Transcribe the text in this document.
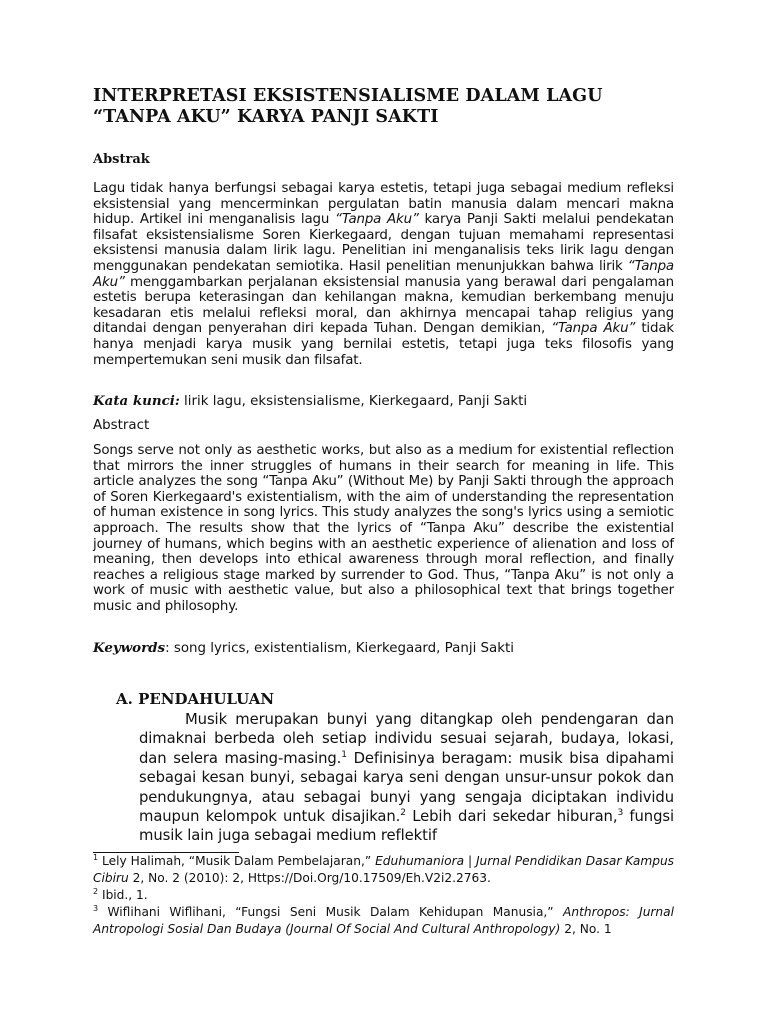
INTERPRETASI EKSISTENSIALISME DALAM LAGU
“TANPA AKU” KARYA PANJI SAKTI

Abstrak

Lagu tidak hanya berfungsi sebagai karya estetis, tetapi juga sebagai medium refleksi eksistensial yang mencerminkan pergulatan batin manusia dalam mencari makna hidup. Artikel ini menganalisis lagu “Tanpa Aku” karya Panji Sakti melalui pendekatan filsafat eksistensialisme Soren Kierkegaard, dengan tujuan memahami representasi eksistensi manusia dalam lirik lagu. Penelitian ini menganalisis teks lirik lagu dengan menggunakan pendekatan semiotika. Hasil penelitian menunjukkan bahwa lirik “Tanpa Aku” menggambarkan perjalanan eksistensial manusia yang berawal dari pengalaman estetis berupa keterasingan dan kehilangan makna, kemudian berkembang menuju kesadaran etis melalui refleksi moral, dan akhirnya mencapai tahap religius yang ditandai dengan penyerahan diri kepada Tuhan. Dengan demikian, “Tanpa Aku” tidak hanya menjadi karya musik yang bernilai estetis, tetapi juga teks filosofis yang mempertemukan seni musik dan filsafat.

Kata kunci: lirik lagu, eksistensialisme, Kierkegaard, Panji Sakti

Abstract

Songs serve not only as aesthetic works, but also as a medium for existential reflection that mirrors the inner struggles of humans in their search for meaning in life. This article analyzes the song “Tanpa Aku” (Without Me) by Panji Sakti through the approach of Soren Kierkegaard's existentialism, with the aim of understanding the representation of human existence in song lyrics. This study analyzes the song's lyrics using a semiotic approach. The results show that the lyrics of “Tanpa Aku” describe the existential journey of humans, which begins with an aesthetic experience of alienation and loss of meaning, then develops into ethical awareness through moral reflection, and finally reaches a religious stage marked by surrender to God. Thus, “Tanpa Aku” is not only a work of music with aesthetic value, but also a philosophical text that brings together music and philosophy.

Keywords: song lyrics, existentialism, Kierkegaard, Panji Sakti

A. PENDAHULUAN

Musik merupakan bunyi yang ditangkap oleh pendengaran dan dimaknai berbeda oleh setiap individu sesuai sejarah, budaya, lokasi, dan selera masing-masing.$^1$ Definisinya beragam: musik bisa dipahami sebagai kesan bunyi, sebagai karya seni dengan unsur-unsur pokok dan pendukungnya, atau sebagai bunyi yang sengaja diciptakan individu maupun kelompok untuk disajikan.$^2$ Lebih dari sekedar hiburan,$^3$ fungsi musik lain juga sebagai medium reflektif

$^1$ Lely Halimah, “Musik Dalam Pembelajaran,” Eduhumaniora | Jurnal Pendidikan Dasar Kampus Cibiru 2, No. 2 (2010): 2, Https://Doi.Org/10.17509/Eh.V2i2.2763.

$^2$ Ibid., 1.

$^3$ Wiflihani Wiflihani, “Fungsi Seni Musik Dalam Kehidupan Manusia,” Anthropos: Jurnal Antropologi Sosial Dan Budaya (Journal Of Social And Cultural Anthropology) 2, No. 1
